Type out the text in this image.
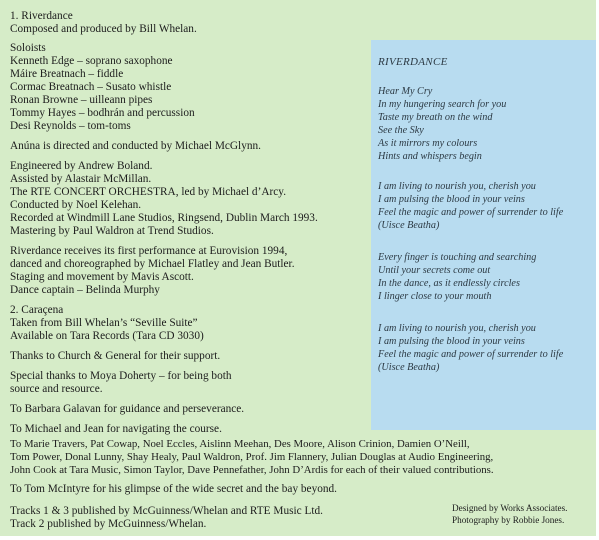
1. Riverdance
Composed and produced by Bill Whelan.
Soloists
Kenneth Edge – soprano saxophone
Máire Breatnach – fiddle
Cormac Breatnach – Susato whistle
Ronan Browne – uilleann pipes
Tommy Hayes – bodhrán and percussion
Desi Reynolds – tom-toms
Anúna is directed and conducted by Michael McGlynn.
Engineered by Andrew Boland.
Assisted by Alastair McMillan.
The RTE CONCERT ORCHESTRA, led by Michael d’Arcy.
Conducted by Noel Kelehan.
Recorded at Windmill Lane Studios, Ringsend, Dublin March 1993.
Mastering by Paul Waldron at Trend Studios.
Riverdance receives its first performance at Eurovision 1994,
danced and choreographed by Michael Flatley and Jean Butler.
Staging and movement by Mavis Ascott.
Dance captain – Belinda Murphy
2. Caraçena
Taken from Bill Whelan’s “Seville Suite”
Available on Tara Records (Tara CD 3030)
Thanks to Church & General for their support.
Special thanks to Moya Doherty – for being both
source and resource.
To Barbara Galavan for guidance and perseverance.
To Michael and Jean for navigating the course.
To Marie Travers, Pat Cowap, Noel Eccles, Aislinn Meehan, Des Moore, Alison Crinion, Damien O’Neill,
Tom Power, Donal Lunny, Shay Healy, Paul Waldron, Prof. Jim Flannery, Julian Douglas at Audio Engineering,
John Cook at Tara Music, Simon Taylor, Dave Pennefather, John D’Ardis for each of their valued contributions.
To Tom McIntyre for his glimpse of the wide secret and the bay beyond.
Tracks 1 & 3 published by McGuinness/Whelan and RTE Music Ltd.
Track 2 published by McGuinness/Whelan.
Designed by Works Associates.
Photography by Robbie Jones.
RIVERDANCE
Hear My Cry
In my hungering search for you
Taste my breath on the wind
See the Sky
As it mirrors my colours
Hints and whispers begin
I am living to nourish you, cherish you
I am pulsing the blood in your veins
Feel the magic and power of surrender to life
(Uisce Beatha)
Every finger is touching and searching
Until your secrets come out
In the dance, as it endlessly circles
I linger close to your mouth
I am living to nourish you, cherish you
I am pulsing the blood in your veins
Feel the magic and power of surrender to life
(Uisce Beatha)
